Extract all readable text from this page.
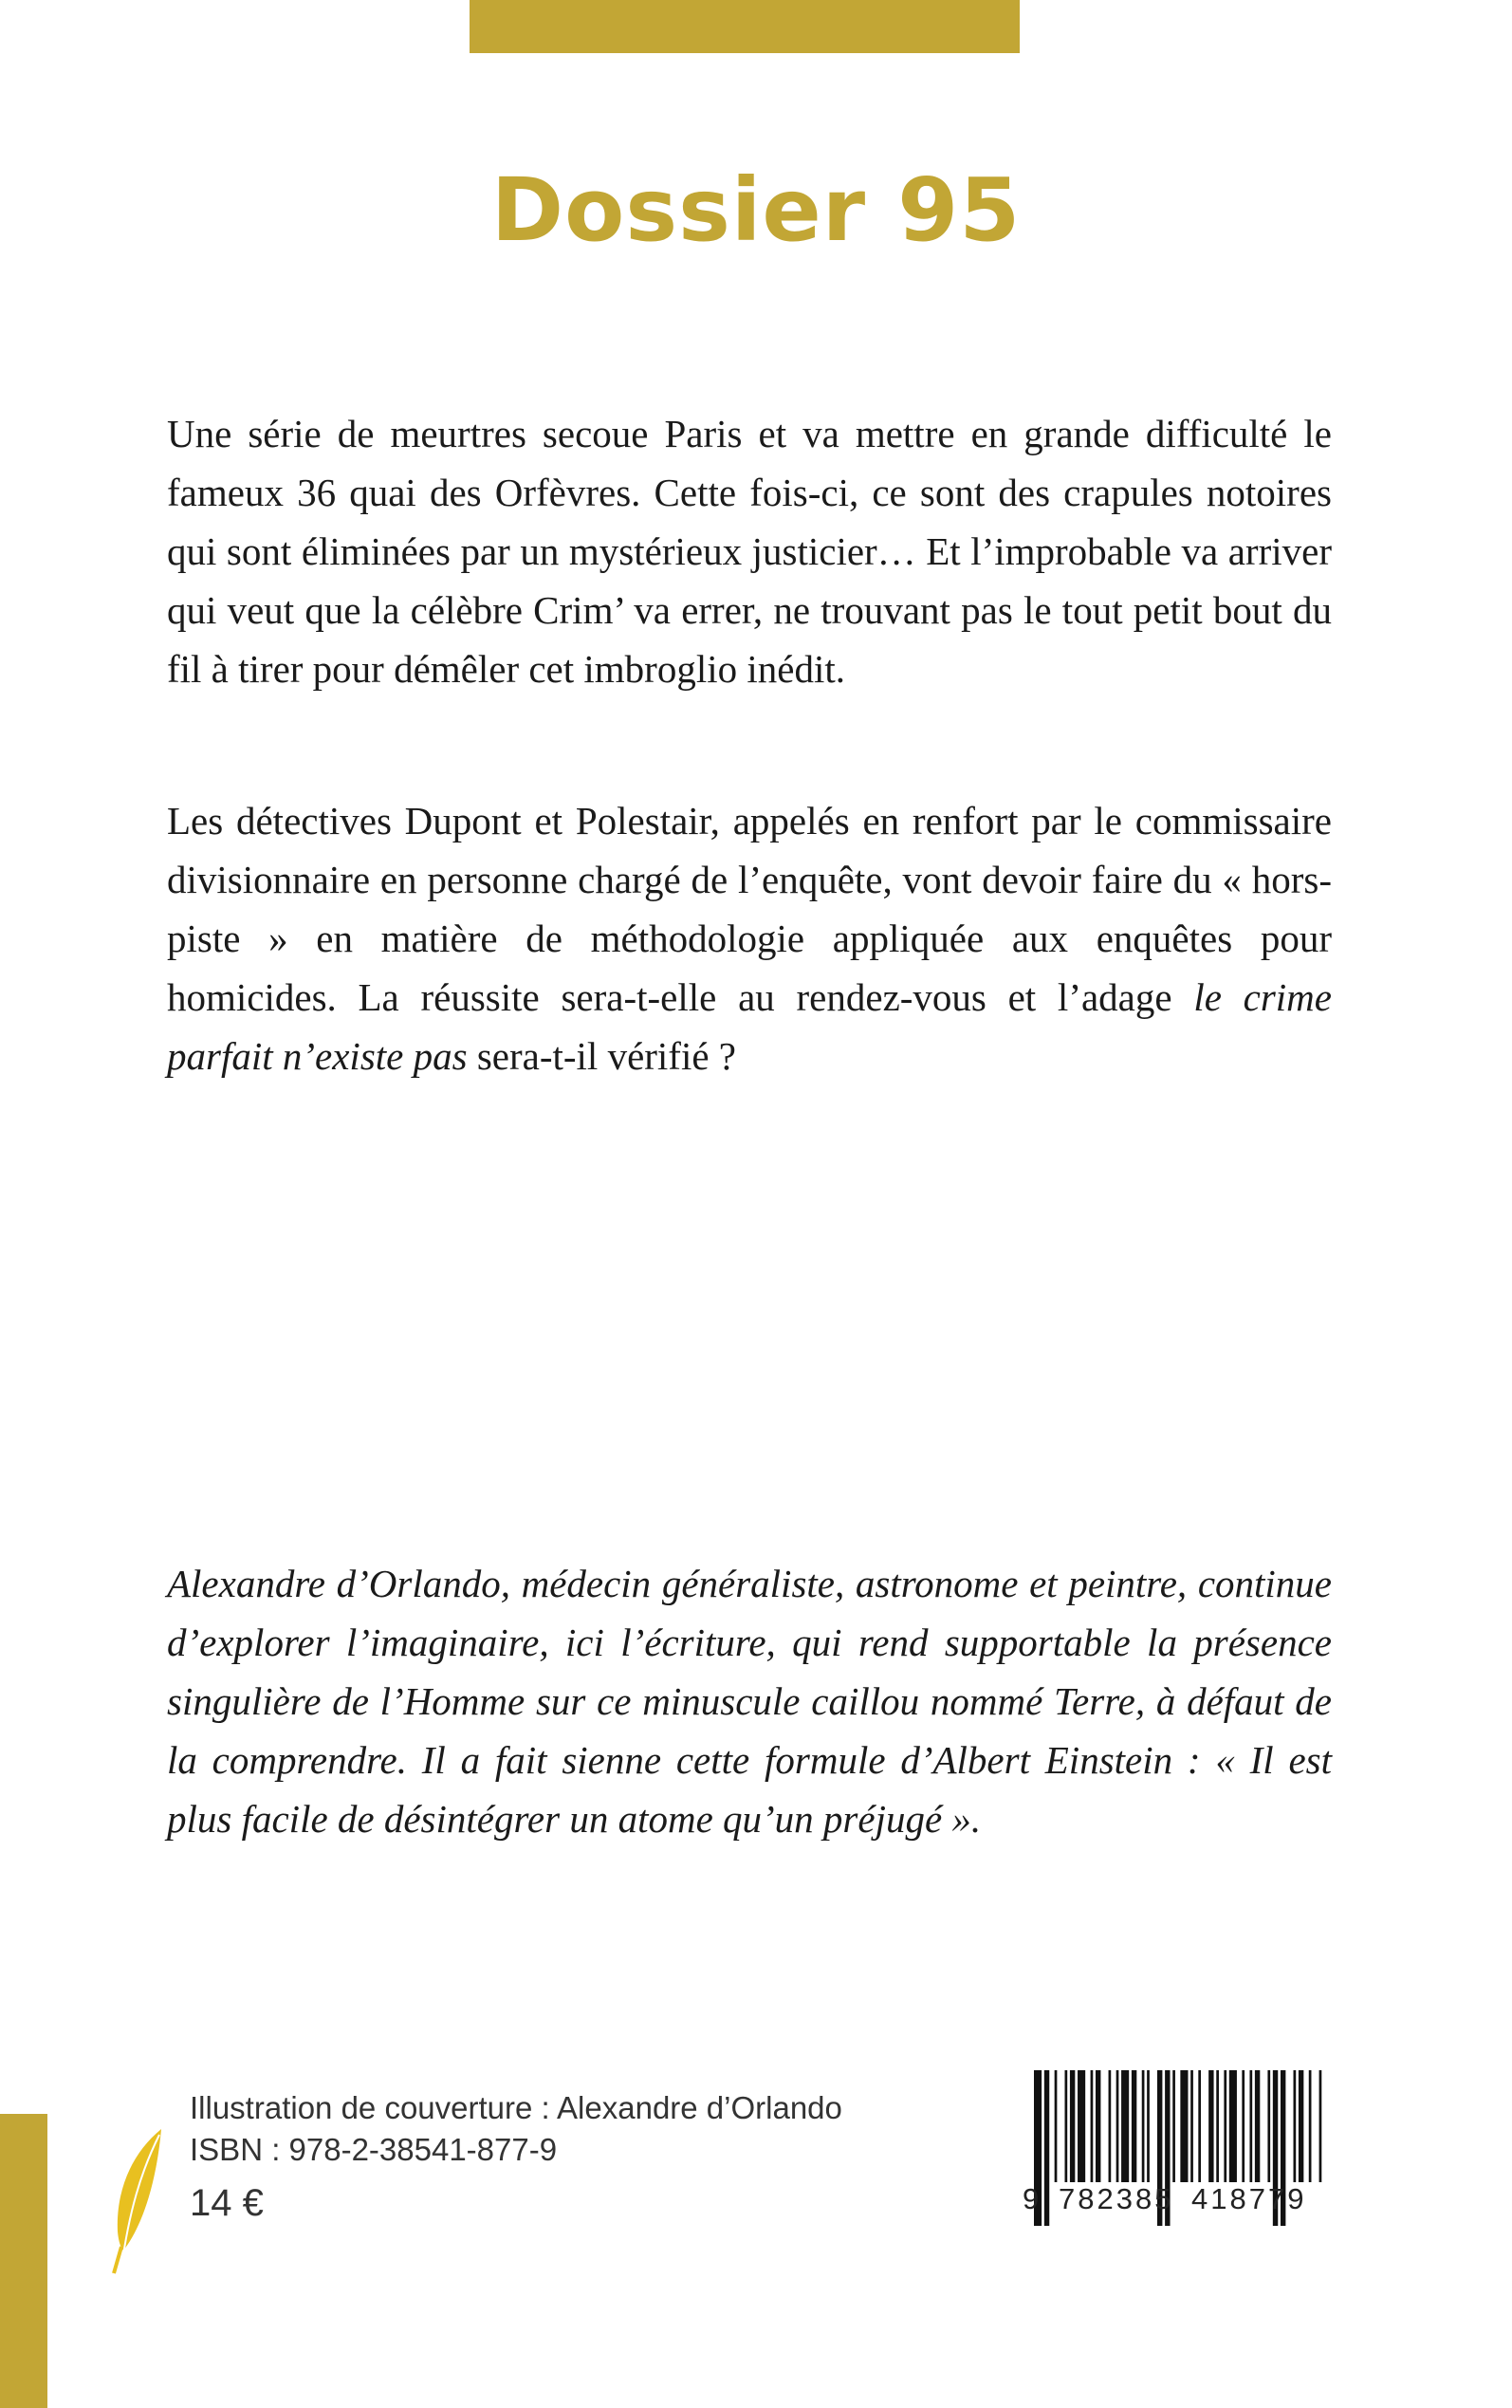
Dossier 95

Une série de meurtres secoue Paris et va mettre en grande difficulté le fameux 36 quai des Orfèvres. Cette fois-ci, ce sont des crapules notoires qui sont éliminées par un mystérieux justicier… Et l’improbable va arriver qui veut que la célèbre Crim’ va errer, ne trouvant pas le tout petit bout du fil à tirer pour démêler cet imbroglio inédit.

Les détectives Dupont et Polestair, appelés en renfort par le commissaire divisionnaire en personne chargé de l’enquête, vont devoir faire du « hors-piste » en matière de méthodologie appliquée aux enquêtes pour homicides. La réussite sera-t-elle au rendez-vous et l’adage le crime parfait n’existe pas sera-t-il vérifié ?

Alexandre d’Orlando, médecin généraliste, astronome et peintre, continue d’explorer l’imaginaire, ici l’écriture, qui rend supportable la présence singulière de l’Homme sur ce minuscule caillou nommé Terre, à défaut de la comprendre. Il a fait sienne cette formule d’Albert Einstein : « Il est plus facile de désintégrer un atome qu’un préjugé ».

Illustration de couverture : Alexandre d’Orlando
ISBN : 978-2-38541-877-9
14 €	9 782385 418779
